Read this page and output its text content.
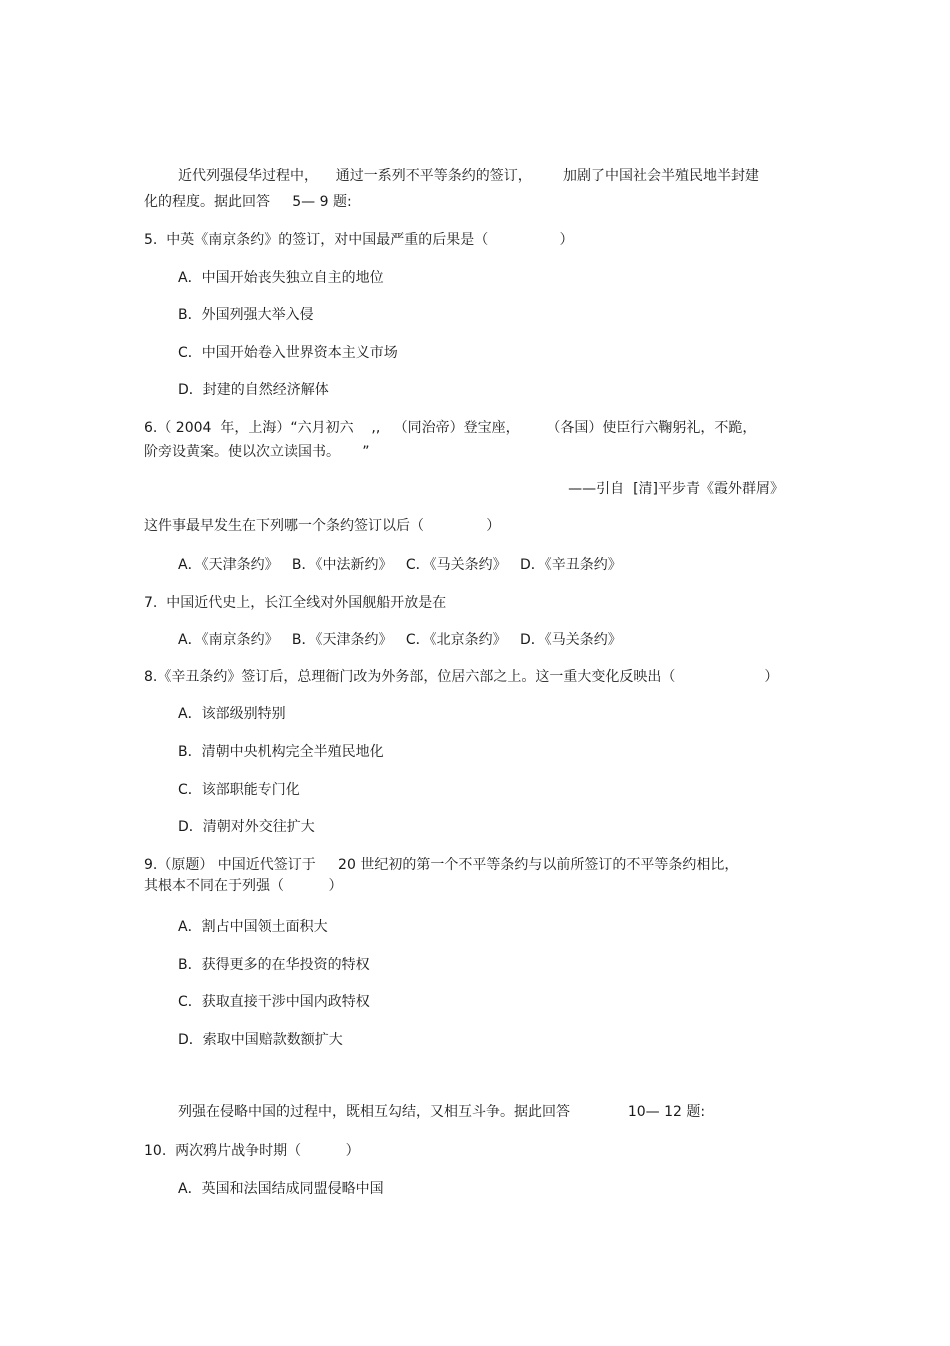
近代列强侵华过程中，    通过一系列不平等条约的签订，       加剧了中国社会半殖民地半封建
化的程度。据此回答     5— 9 题:
5.  中英《南京条约》的签订，对中国最严重的后果是（                ）
A．中国开始丧失独立自主的地位
B．外国列强大举入侵
C．中国开始卷入世界资本主义市场
D．封建的自然经济解体
6.（ 2004  年，上海）“六月初六    ,,   （同治帝）登宝座，      （各国）使臣行六鞠躬礼，不跪，
阶旁设黄案。使以次立读国书。     ”
——引自  [清]平步青《霞外群屑》
这件事最早发生在下列哪一个条约签订以后（              ）
A．《天津条约》   B．《中法新约》   C．《马关条约》   D．《辛丑条约》
7.  中国近代史上，长江全线对外国舰船开放是在
A．《南京条约》   B．《天津条约》   C．《北京条约》   D．《马关条约》
8.《辛丑条约》签订后，总理衙门改为外务部，位居六部之上。这一重大变化反映出（                    ）
A．该部级别特别
B．清朝中央机构完全半殖民地化
C．该部职能专门化
D．清朝对外交往扩大
9.（原题） 中国近代签订于     20 世纪初的第一个不平等条约与以前所签订的不平等条约相比，
其根本不同在于列强（          ）
A．割占中国领土面积大
B．获得更多的在华投资的特权
C．获取直接干涉中国内政特权
D．索取中国赔款数额扩大
列强在侵略中国的过程中，既相互勾结，又相互斗争。据此回答             10— 12 题:
10.  两次鸦片战争时期（          ）
A．英国和法国结成同盟侵略中国
